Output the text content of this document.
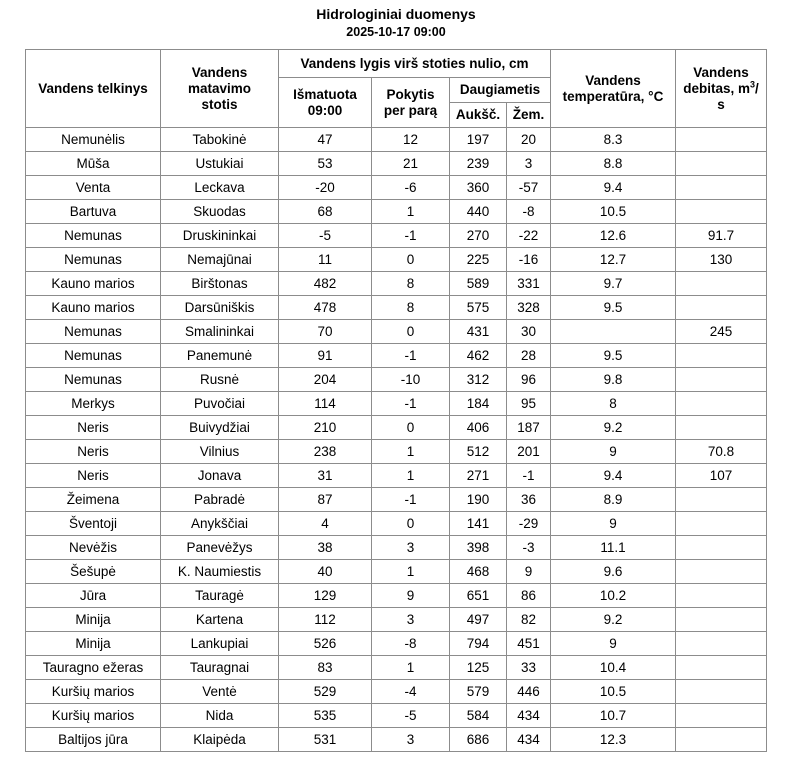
Hidrologiniai duomenys
2025-10-17 09:00
Vandens telkinys	Vandens matavimo stotis	Vandens lygis virš stoties nulio, cm				Vandens temperatūra, °C	Vandens debitas, $m^3/$ s
		Išmatuota 09:00	Pokytis per parą	Daugiametis			
				Aukšč.	Žem.		
Nemunėlis	Tabokinė	47	12	197	20	8.3	
Mūša	Ustukiai	53	21	239	3	8.8	
Venta	Leckava	-20	-6	360	-57	9.4	
Bartuva	Skuodas	68	1	440	-8	10.5	
Nemunas	Druskininkai	-5	-1	270	-22	12.6	91.7
Nemunas	Nemajūnai	11	0	225	-16	12.7	130
Kauno marios	Birštonas	482	8	589	331	9.7	
Kauno marios	Darsūniškis	478	8	575	328	9.5	
Nemunas	Smalininkai	70	0	431	30		245
Nemunas	Panemunė	91	-1	462	28	9.5	
Nemunas	Rusnė	204	-10	312	96	9.8	
Merkys	Puvočiai	114	-1	184	95	8	
Neris	Buivydžiai	210	0	406	187	9.2	
Neris	Vilnius	238	1	512	201	9	70.8
Neris	Jonava	31	1	271	-1	9.4	107
Žeimena	Pabradė	87	-1	190	36	8.9	
Šventoji	Anykščiai	4	0	141	-29	9	
Nevėžis	Panevėžys	38	3	398	-3	11.1	
Šešupė	K. Naumiestis	40	1	468	9	9.6	
Jūra	Tauragė	129	9	651	86	10.2	
Minija	Kartena	112	3	497	82	9.2	
Minija	Lankupiai	526	-8	794	451	9	
Tauragno ežeras	Tauragnai	83	1	125	33	10.4	
Kuršių marios	Ventė	529	-4	579	446	10.5	
Kuršių marios	Nida	535	-5	584	434	10.7	
Baltijos jūra	Klaipėda	531	3	686	434	12.3	
